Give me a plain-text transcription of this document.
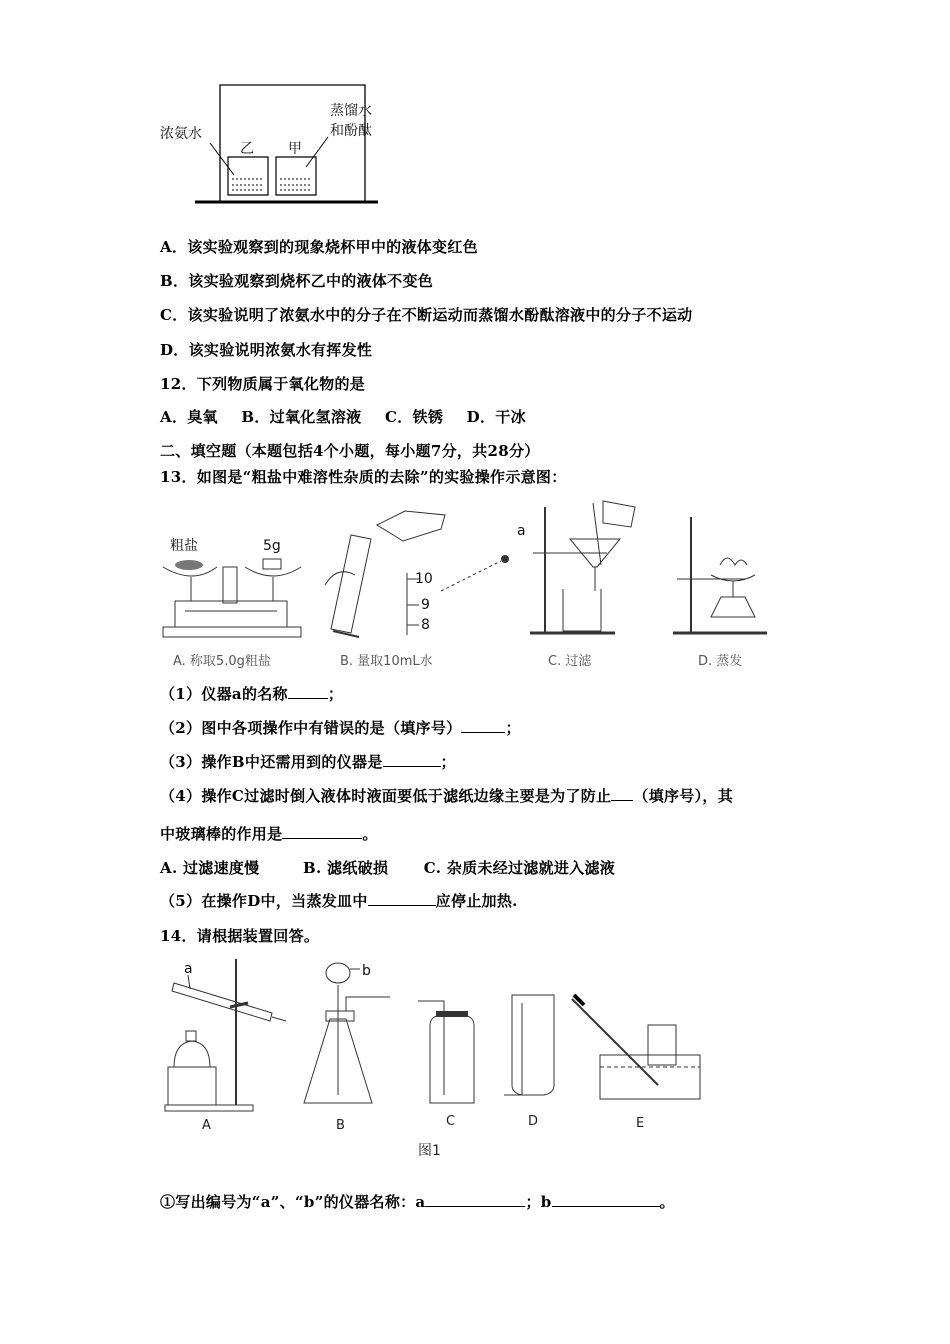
浓氨水
蒸馏水
和酚酞
乙 甲
A．该实验观察到的现象烧杯甲中的液体变红色
B．该实验观察到烧杯乙中的液体不变色
C．该实验说明了浓氨水中的分子在不断运动而蒸馏水酚酞溶液中的分子不运动
D．该实验说明浓氨水有挥发性
12．下列物质属于氧化物的是
A．臭氧 B．过氧化氢溶液 C．铁锈 D．干冰
二、填空题（本题包括4个小题，每小题7分，共28分）
13．如图是“粗盐中难溶性杂质的去除”的实验操作示意图：
粗盐	5g
10
9
8
a
A. 称取5.0g粗盐	B. 量取10mL水	C. 过滤	D. 蒸发
（1）仪器a的名称	；
（2）图中各项操作中有错误的是（填序号）	；
（3）操作B中还需用到的仪器是	；
（4）操作C过滤时倒入液体时液面要低于滤纸边缘主要是为了防止 （填序号），其
中玻璃棒的作用是	。
A. 过滤速度慢	B. 滤纸破损 C. 杂质未经过滤就进入滤液
（5）在操作D中，当蒸发皿中	应停止加热.
14．请根据装置回答。
a	b
A	B	C	D	E
图1
①写出编号为“a”、“b”的仪器名称：a	；b	。
